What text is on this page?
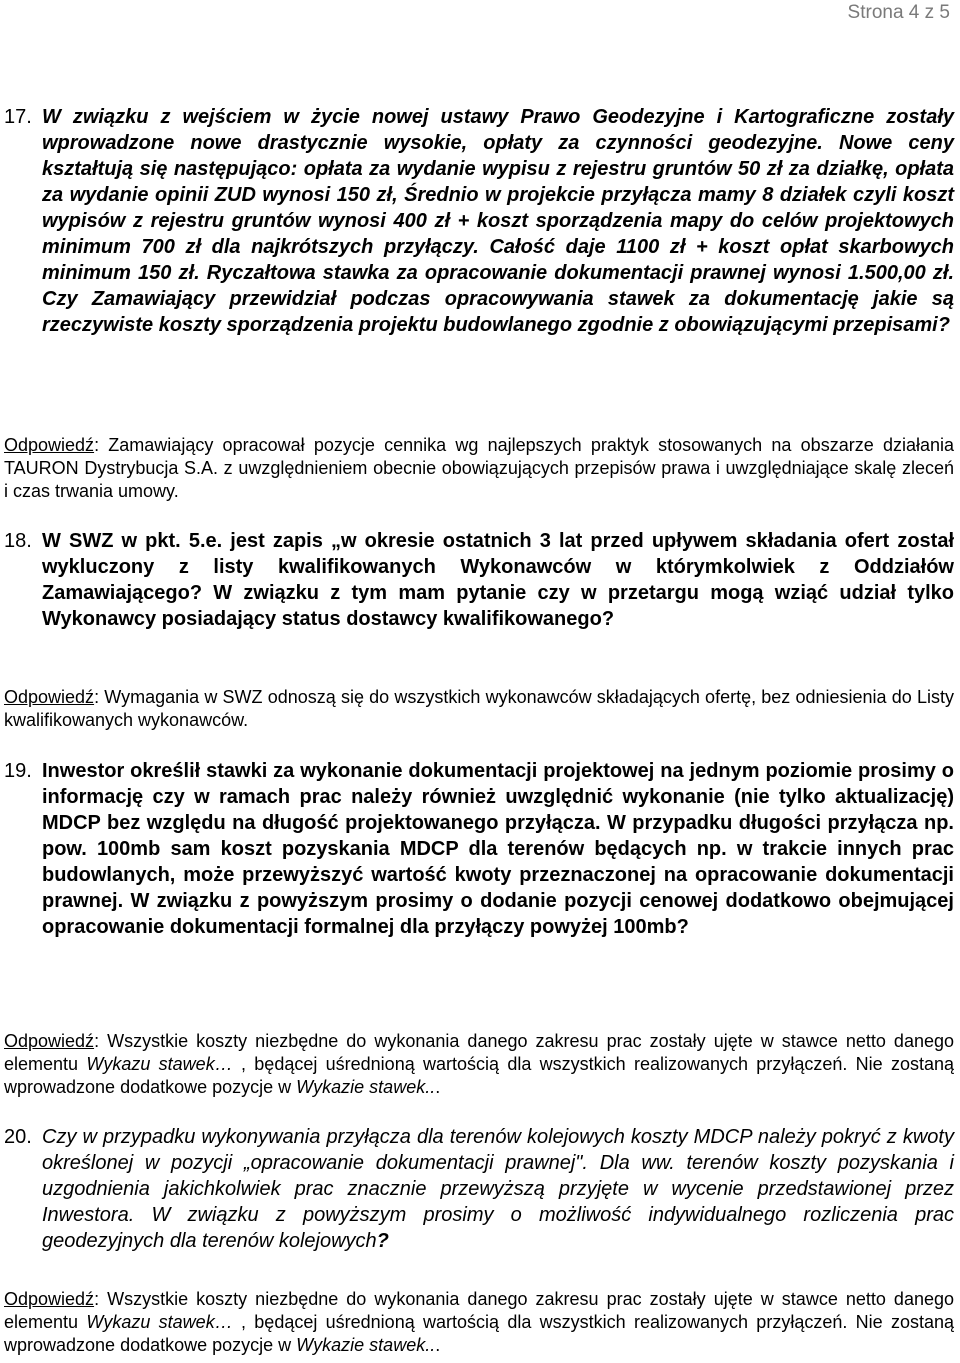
Strona 4 z 5
17. W związku z wejściem w życie nowej ustawy Prawo Geodezyjne i Kartograficzne zostały wprowadzone nowe drastycznie wysokie, opłaty za czynności geodezyjne. Nowe ceny kształtują się następująco: opłata za wydanie wypisu z rejestru gruntów 50 zł za działkę, opłata za wydanie opinii ZUD wynosi 150 zł, Średnio w projekcie przyłącza mamy 8 działek czyli koszt wypisów z rejestru gruntów wynosi 400 zł + koszt sporządzenia mapy do celów projektowych minimum 700 zł dla najkrótszych przyłączy. Całość daje 1100 zł + koszt opłat skarbowych minimum 150 zł. Ryczałtowa stawka za opracowanie dokumentacji prawnej wynosi 1.500,00 zł. Czy Zamawiający przewidział podczas opracowywania stawek za dokumentację jakie są rzeczywiste koszty sporządzenia projektu budowlanego zgodnie z obowiązującymi przepisami?
Odpowiedź: Zamawiający opracował pozycje cennika wg najlepszych praktyk stosowanych na obszarze działania TAURON Dystrybucja S.A. z uwzględnieniem obecnie obowiązujących przepisów prawa i uwzględniające skalę zleceń i czas trwania umowy.
18. W SWZ w pkt. 5.e. jest zapis „w okresie ostatnich 3 lat przed upływem składania ofert został wykluczony z listy kwalifikowanych Wykonawców w którymkolwiek z Oddziałów Zamawiającego? W związku z tym mam pytanie czy w przetargu mogą wziąć udział tylko Wykonawcy posiadający status dostawcy kwalifikowanego?
Odpowiedź: Wymagania w SWZ odnoszą się do wszystkich wykonawców składających ofertę, bez odniesienia do Listy kwalifikowanych wykonawców.
19. Inwestor określił stawki za wykonanie dokumentacji projektowej na jednym poziomie prosimy o informację czy w ramach prac należy również uwzględnić wykonanie (nie tylko aktualizację) MDCP bez względu na długość projektowanego przyłącza. W przypadku długości przyłącza np. pow. 100mb sam koszt pozyskania MDCP dla terenów będących np. w trakcie innych prac budowlanych, może przewyższyć wartość kwoty przeznaczonej na opracowanie dokumentacji prawnej. W związku z powyższym prosimy o dodanie pozycji cenowej dodatkowo obejmującej opracowanie dokumentacji formalnej dla przyłączy powyżej 100mb?
Odpowiedź: Wszystkie koszty niezbędne do wykonania danego zakresu prac zostały ujęte w stawce netto danego elementu Wykazu stawek… , będącej uśrednioną wartością dla wszystkich realizowanych przyłączeń. Nie zostaną wprowadzone dodatkowe pozycje w Wykazie stawek...
20. Czy w przypadku wykonywania przyłącza dla terenów kolejowych koszty MDCP należy pokryć z kwoty określonej w pozycji „opracowanie dokumentacji prawnej". Dla ww. terenów koszty pozyskania i uzgodnienia jakichkolwiek prac znacznie przewyższą przyjęte w wycenie przedstawionej przez Inwestora. W związku z powyższym prosimy o możliwość indywidualnego rozliczenia prac geodezyjnych dla terenów kolejowych?
Odpowiedź: Wszystkie koszty niezbędne do wykonania danego zakresu prac zostały ujęte w stawce netto danego elementu Wykazu stawek… , będącej uśrednioną wartością dla wszystkich realizowanych przyłączeń. Nie zostaną wprowadzone dodatkowe pozycje w Wykazie stawek...
